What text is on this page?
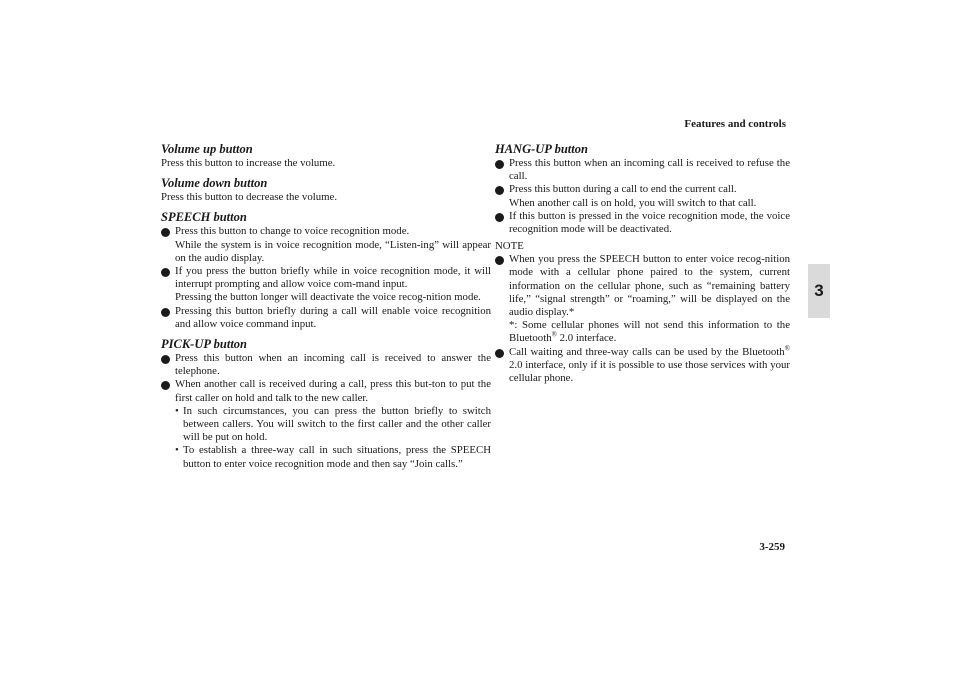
Features and controls
3
3-259
Volume up button
Press this button to increase the volume.
Volume down button
Press this button to decrease the volume.
SPEECH button
Press this button to change to voice recognition mode.
While the system is in voice recognition mode, “Listen-ing” will appear on the audio display.
If you press the button briefly while in voice recognition mode, it will interrupt prompting and allow voice com-mand input.
Pressing the button longer will deactivate the voice recog-nition mode.
Pressing this button briefly during a call will enable voice recognition and allow voice command input.
PICK-UP button
Press this button when an incoming call is received to answer the telephone.
When another call is received during a call, press this but-ton to put the first caller on hold and talk to the new caller.
• In such circumstances, you can press the button briefly to switch between callers. You will switch to the first caller and the other caller will be put on hold.
• To establish a three-way call in such situations, press the SPEECH button to enter voice recognition mode and then say “Join calls.”
HANG-UP button
Press this button when an incoming call is received to refuse the call.
Press this button during a call to end the current call.
When another call is on hold, you will switch to that call.
If this button is pressed in the voice recognition mode, the voice recognition mode will be deactivated.
NOTE
When you press the SPEECH button to enter voice recog-nition mode with a cellular phone paired to the system, current information on the cellular phone, such as “remaining battery life,” “signal strength” or “roaming,” will be displayed on the audio display.*
*: Some cellular phones will not send this information to the Bluetooth® 2.0 interface.
Call waiting and three-way calls can be used by the Bluetooth® 2.0 interface, only if it is possible to use those services with your cellular phone.
